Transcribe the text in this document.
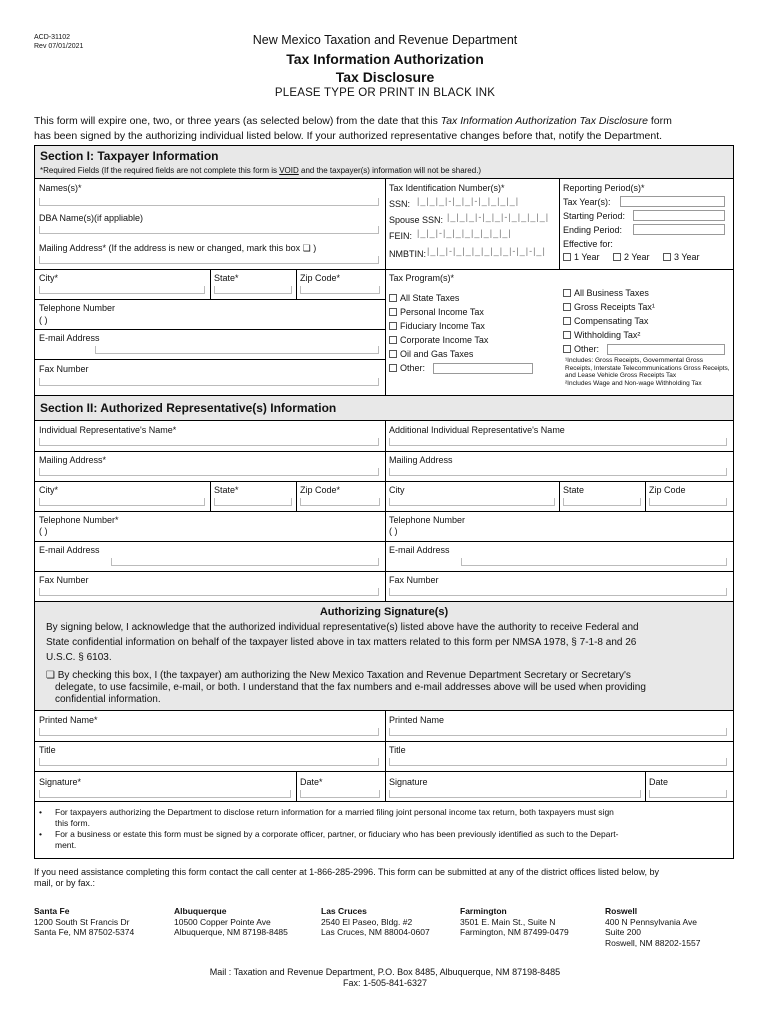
ACD-31102
Rev 07/01/2021	New Mexico Taxation and Revenue Department
Tax Information Authorization
Tax Disclosure
PLEASE TYPE OR PRINT IN BLACK INK
This form will expire one, two, or three years (as selected below) from the date that this Tax Information Authorization Tax Disclosure form
has been signed by the authorizing individual listed below. If your authorized representative changes before that, notify the Department.
Section I: Taxpayer Information
*Required Fields (If the required fields are not complete this form is VOID and the taxpayer(s) information will not be shared.)
Names(s)*
DBA Name(s)(if appliable)
Mailing Address* (If the address is new or changed, mark this box ❏ )
City*	State*	Zip Code*
Telephone Number
( )
E-mail Address
Fax Number
Tax Identification Number(s)*
SSN: |_|_|_|-|_|_|-|_|_|_|_|
Spouse SSN: |_|_|_|-|_|_|-|_|_|_|_|
FEIN: |_|_|-|_|_|_|_|_|_|_|
NMBTIN: |_|_|-|_|_|_|_|_|_|-|_|-|_|
Reporting Period(s)*
Tax Year(s):
Starting Period:
Ending Period:
Effective for:
1 Year	2 Year	3 Year
Tax Program(s)*
All State Taxes
Personal Income Tax
Fiduciary Income Tax
Corporate Income Tax
Oil and Gas Taxes
Other:
All Business Taxes
Gross Receipts Tax¹
Compensating Tax
Withholding Tax²
Other:
¹Includes: Gross Receipts, Governmental Gross Receipts, Interstate Telecommunications Gross Receipts, and Lease Vehicle Gross Receipts Tax
²Includes Wage and Non-wage Withholding Tax
Section II: Authorized Representative(s) Information
Individual Representative's Name*	Additional Individual Representative's Name
Mailing Address*	Mailing Address
City*	State*	Zip Code*	City	State	Zip Code
Telephone Number*
( )
Telephone Number
( )
E-mail Address	E-mail Address
Fax Number	Fax Number
Authorizing Signature(s)
By signing below, I acknowledge that the authorized individual representative(s) listed above have the authority to receive Federal and
State confidential information on behalf of the taxpayer listed above in tax matters related to this form per NMSA 1978, § 7-1-8 and 26
U.S.C. § 6103.
❏ By checking this box, I (the taxpayer) am authorizing the New Mexico Taxation and Revenue Department Secretary or Secretary's
delegate, to use facsimile, e-mail, or both. I understand that the fax numbers and e-mail addresses above will be used when providing
confidential information.
Printed Name*	Printed Name
Title	Title
Signature*	Date*	Signature	Date
•	For taxpayers authorizing the Department to disclose return information for a married filing joint personal income tax return, both taxpayers must sign
this form.
•	For a business or estate this form must be signed by a corporate officer, partner, or fiduciary who has been previously identified as such to the Depart-
ment.
If you need assistance completing this form contact the call center at 1-866-285-2996. This form can be submitted at any of the district offices listed below, by
mail, or by fax.:
Santa Fe
1200 South St Francis Dr
Santa Fe, NM 87502-5374
Albuquerque
10500 Copper Pointe Ave
Albuquerque, NM 87198-8485
Las Cruces
2540 El Paseo, Bldg. #2
Las Cruces, NM 88004-0607
Farmington
3501 E. Main St., Suite N
Farmington, NM 87499-0479
Roswell
400 N Pennsylvania Ave
Suite 200
Roswell, NM 88202-1557
Mail : Taxation and Revenue Department, P.O. Box 8485, Albuquerque, NM 87198-8485
Fax: 1-505-841-6327
